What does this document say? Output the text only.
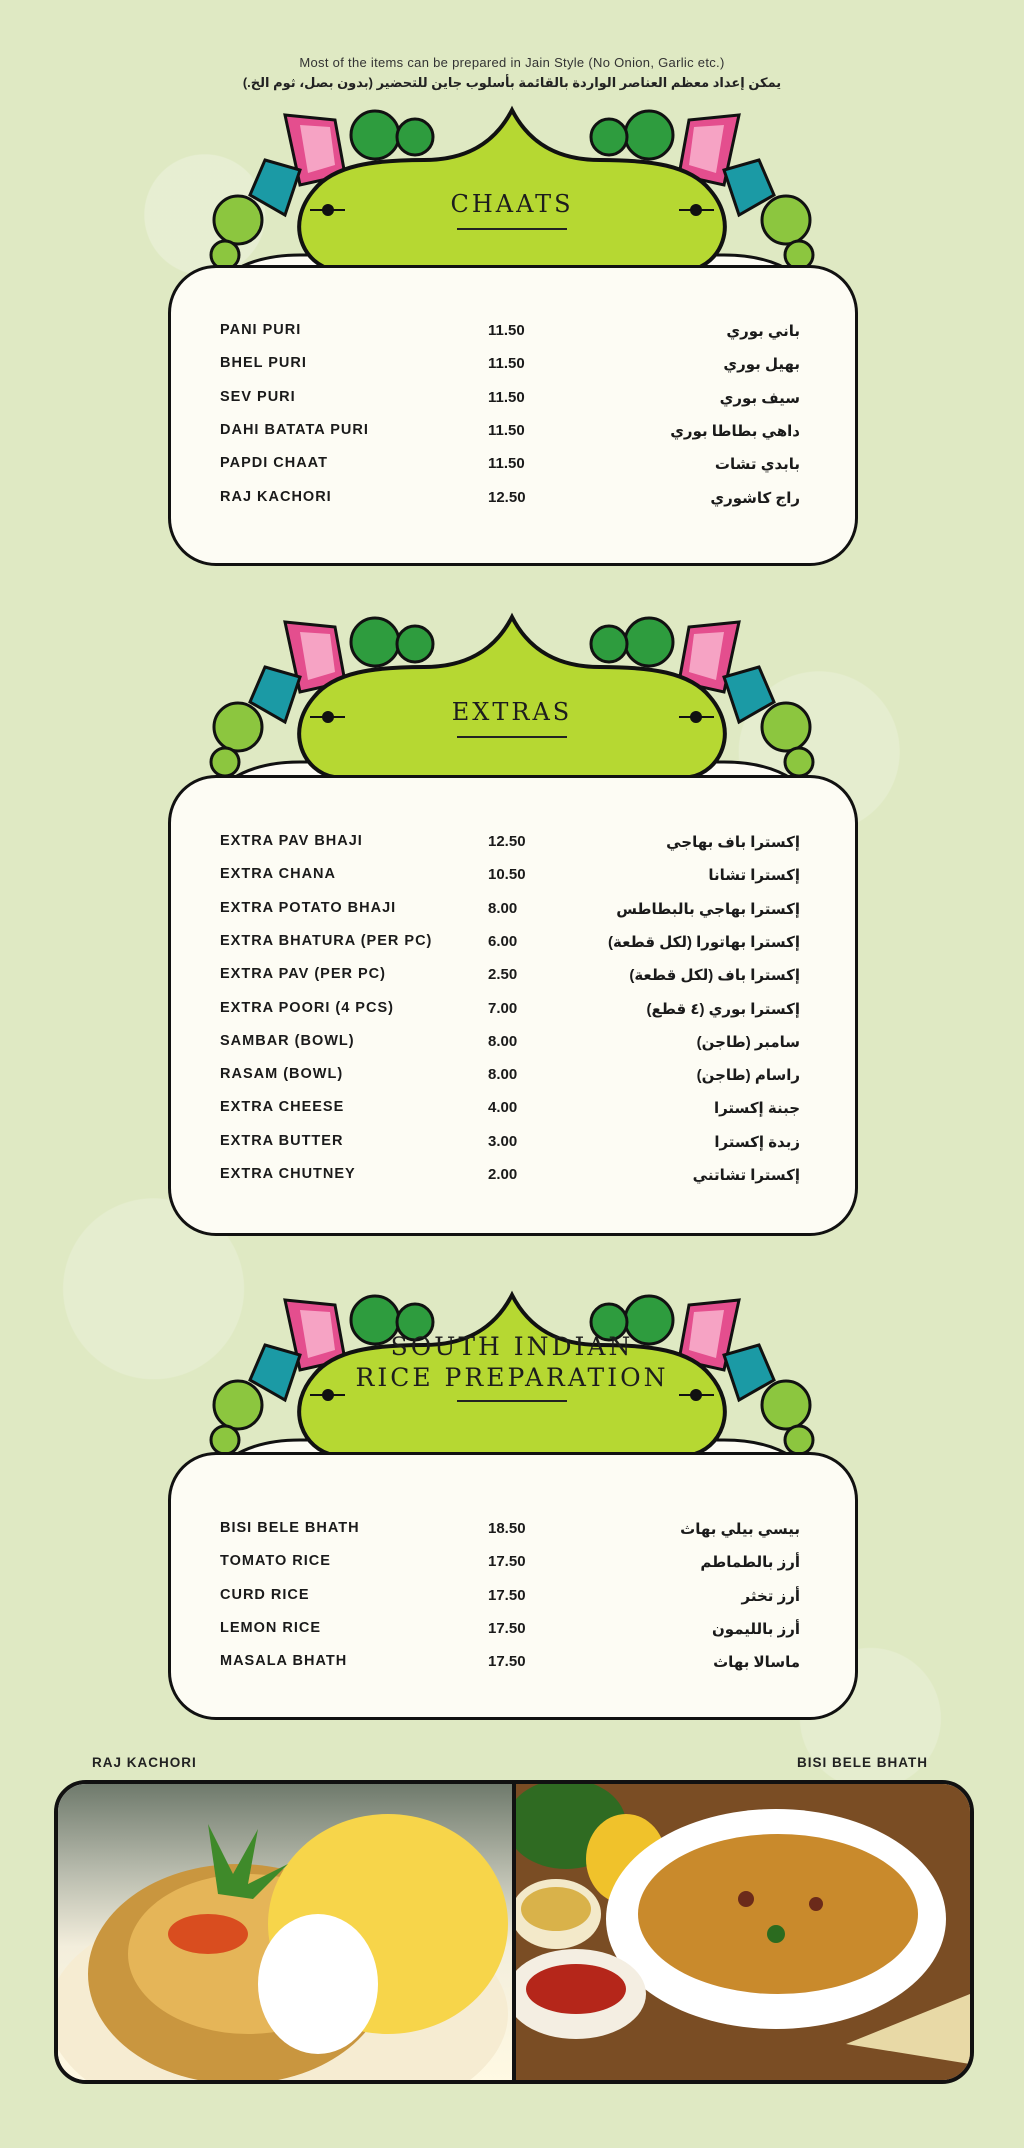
Most of the items can be prepared in Jain Style (No Onion, Garlic etc.)
يمكن إعداد معظم العناصر الواردة بالقائمة بأسلوب جاين للتحضير (بدون بصل، ثوم الخ.)
CHAATS
PANI PURI	11.50	باني بوري
BHEL PURI	11.50	بهيل بوري
SEV PURI	11.50	سيف بوري
DAHI BATATA PURI	11.50	داهي بطاطا بوري
PAPDI CHAAT	11.50	بابدي تشات
RAJ KACHORI	12.50	راج كاشوري
EXTRAS
EXTRA PAV BHAJI	12.50	إكسترا باف بهاجي
EXTRA CHANA	10.50	إكسترا تشانا
EXTRA POTATO BHAJI	8.00	إكسترا بهاجي بالبطاطس
EXTRA BHATURA (PER PC)	6.00	إكسترا بهاتورا (لكل قطعة)
EXTRA PAV (PER PC)	2.50	إكسترا باف (لكل قطعة)
EXTRA POORI (4 PCS)	7.00	إكسترا بوري (٤ قطع)
SAMBAR (BOWL)	8.00	سامبر (طاجن)
RASAM (BOWL)	8.00	راسام (طاجن)
EXTRA CHEESE	4.00	جبنة إكسترا
EXTRA BUTTER	3.00	زبدة إكسترا
EXTRA CHUTNEY	2.00	إكسترا تشاتني
SOUTH INDIAN
RICE PREPARATION
BISI BELE BHATH	18.50	بيسي بيلي بهاث
TOMATO RICE	17.50	أرز بالطماطم
CURD RICE	17.50	أرز تخثر
LEMON RICE	17.50	أرز بالليمون
MASALA BHATH	17.50	ماسالا بهاث
RAJ KACHORI	BISI BELE BHATH
